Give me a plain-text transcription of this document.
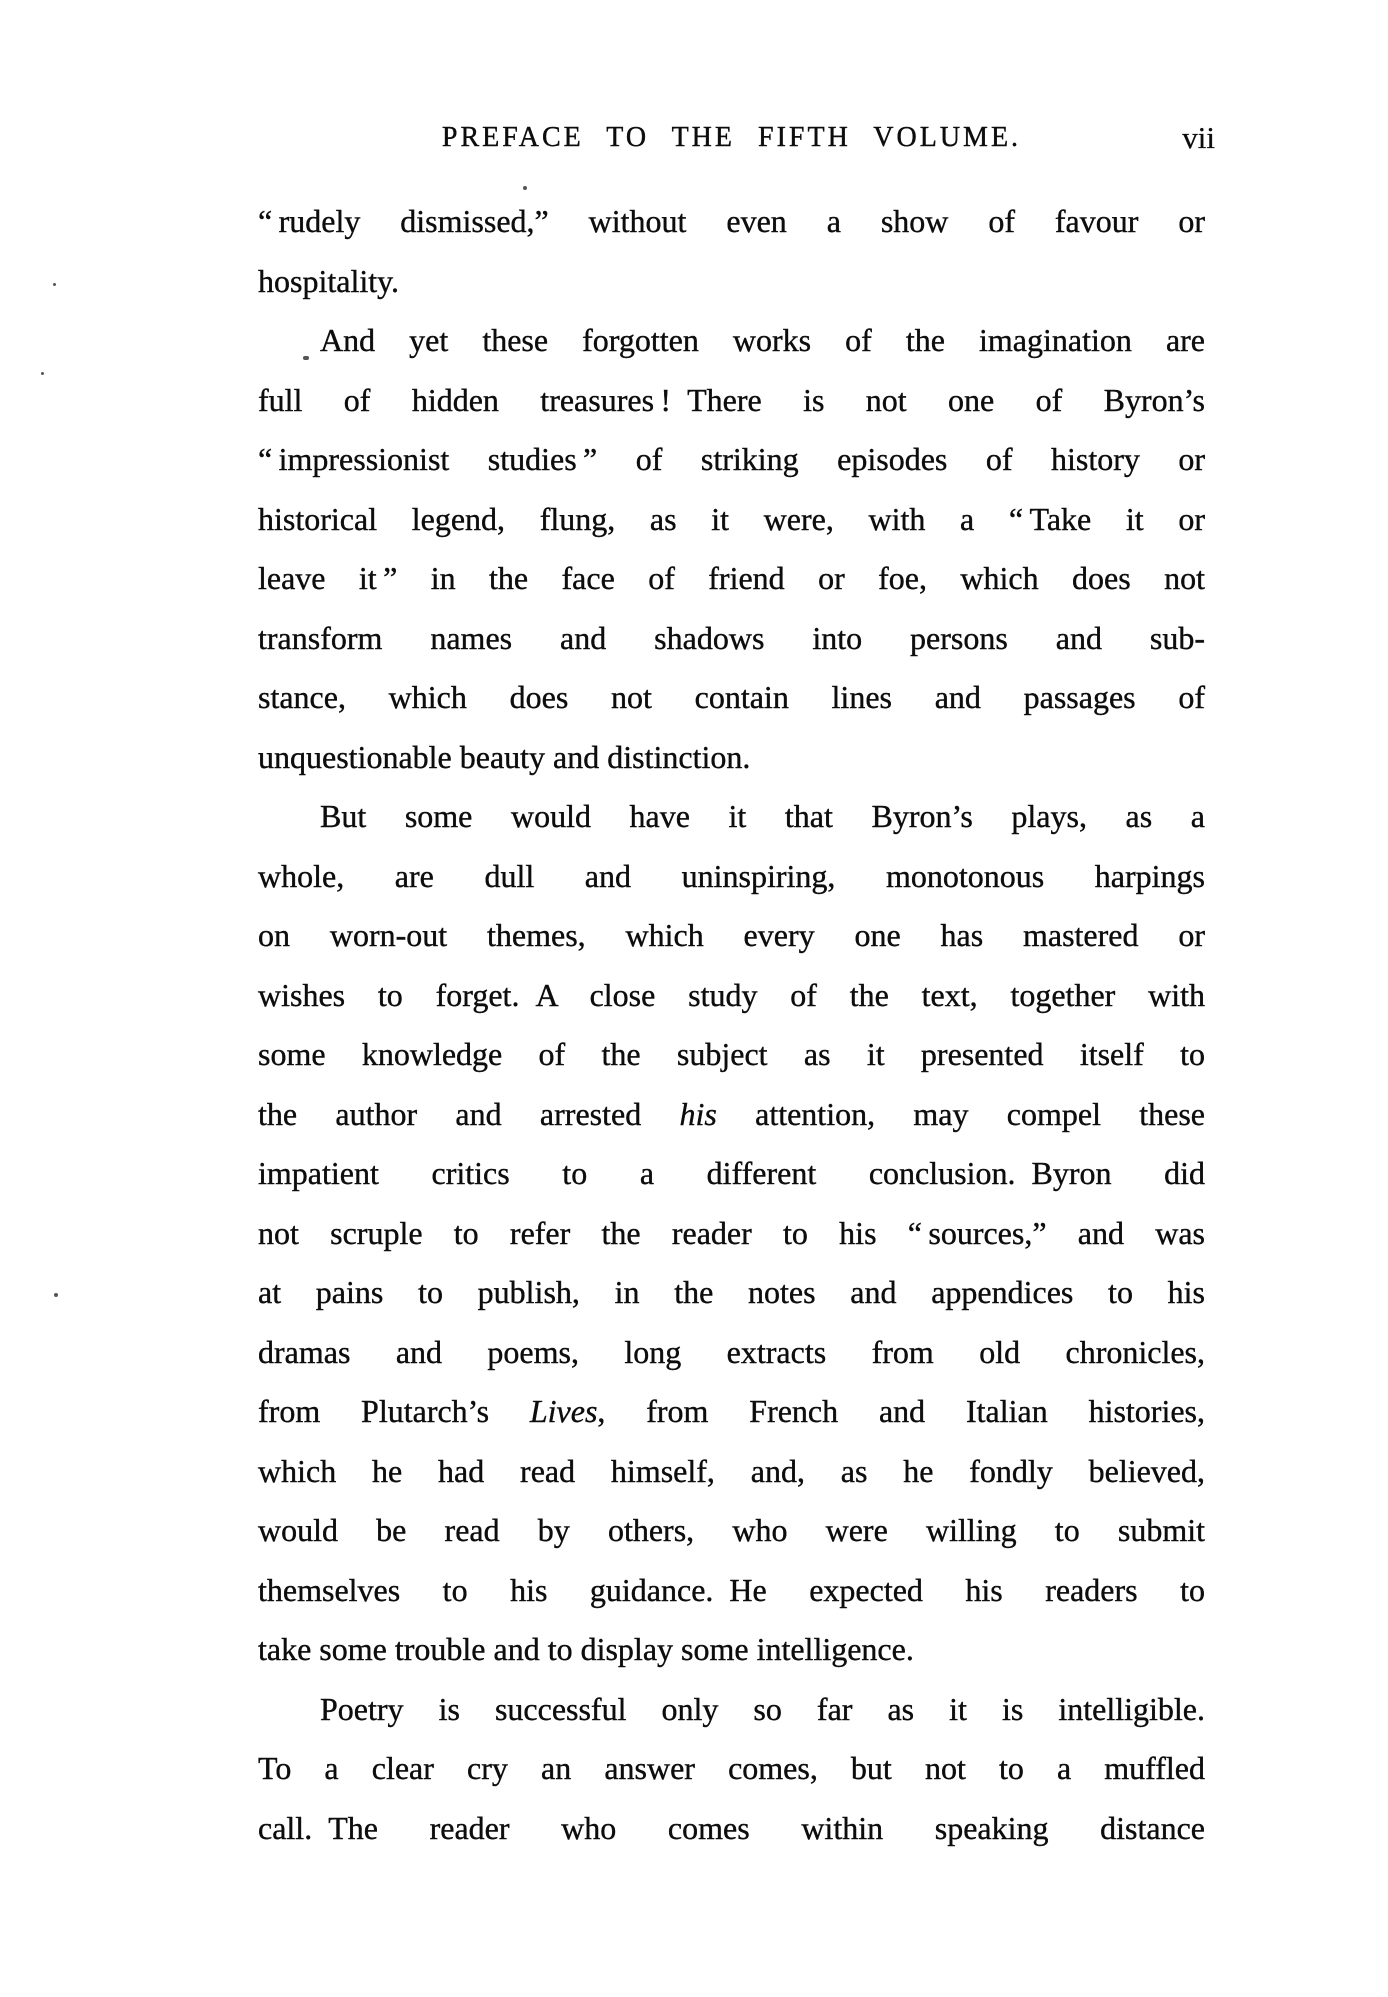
PREFACE TO THE FIFTH VOLUME.	vii
“ rudely dismissed,” without even a show of favour or
hospitality.
And yet these forgotten works of the imagination are
full of hidden treasures ! There is not one of Byron’s
“ impressionist studies ” of striking episodes of history or
historical legend, flung, as it were, with a “ Take it or
leave it ” in the face of friend or foe, which does not
transform names and shadows into persons and sub-
stance, which does not contain lines and passages of
unquestionable beauty and distinction.
But some would have it that Byron’s plays, as a
whole, are dull and uninspiring, monotonous harpings
on worn-out themes, which every one has mastered or
wishes to forget. A close study of the text, together with
some knowledge of the subject as it presented itself to
the author and arrested his attention, may compel these
impatient critics to a different conclusion. Byron did
not scruple to refer the reader to his “ sources,” and was
at pains to publish, in the notes and appendices to his
dramas and poems, long extracts from old chronicles,
from Plutarch’s Lives, from French and Italian histories,
which he had read himself, and, as he fondly believed,
would be read by others, who were willing to submit
themselves to his guidance. He expected his readers to
take some trouble and to display some intelligence.
Poetry is successful only so far as it is intelligible.
To a clear cry an answer comes, but not to a muffled
call. The reader who comes within speaking distance
